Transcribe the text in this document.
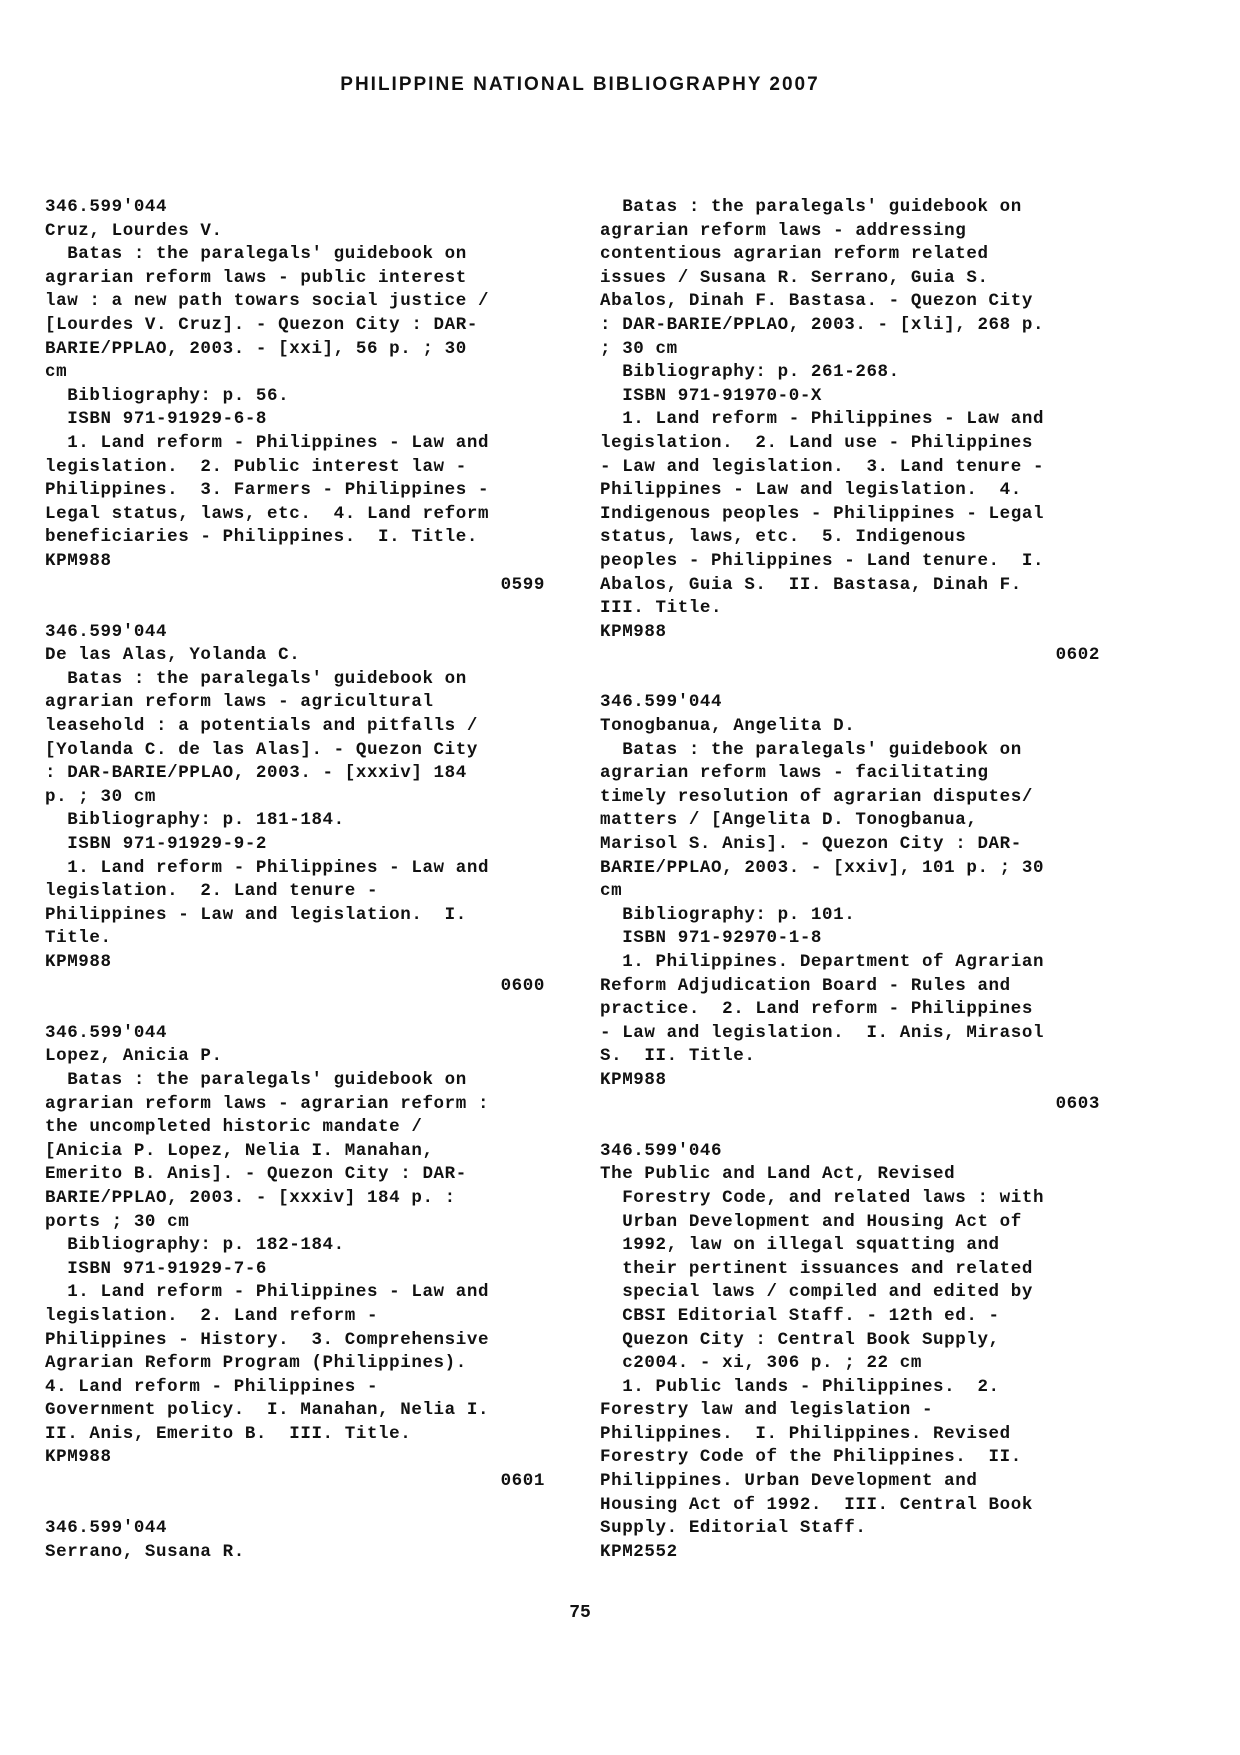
PHILIPPINE NATIONAL BIBLIOGRAPHY 2007
346.599'044
Cruz, Lourdes V.
Batas : the paralegals' guidebook on
agrarian reform laws - public interest
law : a new path towars social justice /
[Lourdes V. Cruz]. - Quezon City : DAR-
BARIE/PPLAO, 2003. - [xxi], 56 p. ; 30
cm
Bibliography: p. 56.
ISBN 971-91929-6-8
1. Land reform - Philippines - Law and
legislation.  2. Public interest law -
Philippines.  3. Farmers - Philippines -
Legal status, laws, etc.  4. Land reform
beneficiaries - Philippines.  I. Title.
KPM988
0599
346.599'044
De las Alas, Yolanda C.
Batas : the paralegals' guidebook on
agrarian reform laws - agricultural
leasehold : a potentials and pitfalls /
[Yolanda C. de las Alas]. - Quezon City
: DAR-BARIE/PPLAO, 2003. - [xxxiv] 184
p. ; 30 cm
Bibliography: p. 181-184.
ISBN 971-91929-9-2
1. Land reform - Philippines - Law and
legislation.  2. Land tenure -
Philippines - Law and legislation.  I.
Title.
KPM988
0600
346.599'044
Lopez, Anicia P.
Batas : the paralegals' guidebook on
agrarian reform laws - agrarian reform :
the uncompleted historic mandate /
[Anicia P. Lopez, Nelia I. Manahan,
Emerito B. Anis]. - Quezon City : DAR-
BARIE/PPLAO, 2003. - [xxxiv] 184 p. :
ports ; 30 cm
Bibliography: p. 182-184.
ISBN 971-91929-7-6
1. Land reform - Philippines - Law and
legislation.  2. Land reform -
Philippines - History.  3. Comprehensive
Agrarian Reform Program (Philippines).
4. Land reform - Philippines -
Government policy.  I. Manahan, Nelia I.
II. Anis, Emerito B.  III. Title.
KPM988
0601
346.599'044
Serrano, Susana R.
Batas : the paralegals' guidebook on
agrarian reform laws - addressing
contentious agrarian reform related
issues / Susana R. Serrano, Guia S.
Abalos, Dinah F. Bastasa. - Quezon City
: DAR-BARIE/PPLAO, 2003. - [xli], 268 p.
; 30 cm
Bibliography: p. 261-268.
ISBN 971-91970-0-X
1. Land reform - Philippines - Law and
legislation.  2. Land use - Philippines
- Law and legislation.  3. Land tenure -
Philippines - Law and legislation.  4.
Indigenous peoples - Philippines - Legal
status, laws, etc.  5. Indigenous
peoples - Philippines - Land tenure.  I.
Abalos, Guia S.  II. Bastasa, Dinah F.
III. Title.
KPM988
0602
346.599'044
Tonogbanua, Angelita D.
Batas : the paralegals' guidebook on
agrarian reform laws - facilitating
timely resolution of agrarian disputes/
matters / [Angelita D. Tonogbanua,
Marisol S. Anis]. - Quezon City : DAR-
BARIE/PPLAO, 2003. - [xxiv], 101 p. ; 30
cm
Bibliography: p. 101.
ISBN 971-92970-1-8
1. Philippines. Department of Agrarian
Reform Adjudication Board - Rules and
practice.  2. Land reform - Philippines
- Law and legislation.  I. Anis, Mirasol
S.  II. Title.
KPM988
0603
346.599'046
The Public and Land Act, Revised
Forestry Code, and related laws : with
Urban Development and Housing Act of
1992, law on illegal squatting and
their pertinent issuances and related
special laws / compiled and edited by
CBSI Editorial Staff. - 12th ed. -
Quezon City : Central Book Supply,
c2004. - xi, 306 p. ; 22 cm
1. Public lands - Philippines.  2.
Forestry law and legislation -
Philippines.  I. Philippines. Revised
Forestry Code of the Philippines.  II.
Philippines. Urban Development and
Housing Act of 1992.  III. Central Book
Supply. Editorial Staff.
KPM2552
75
